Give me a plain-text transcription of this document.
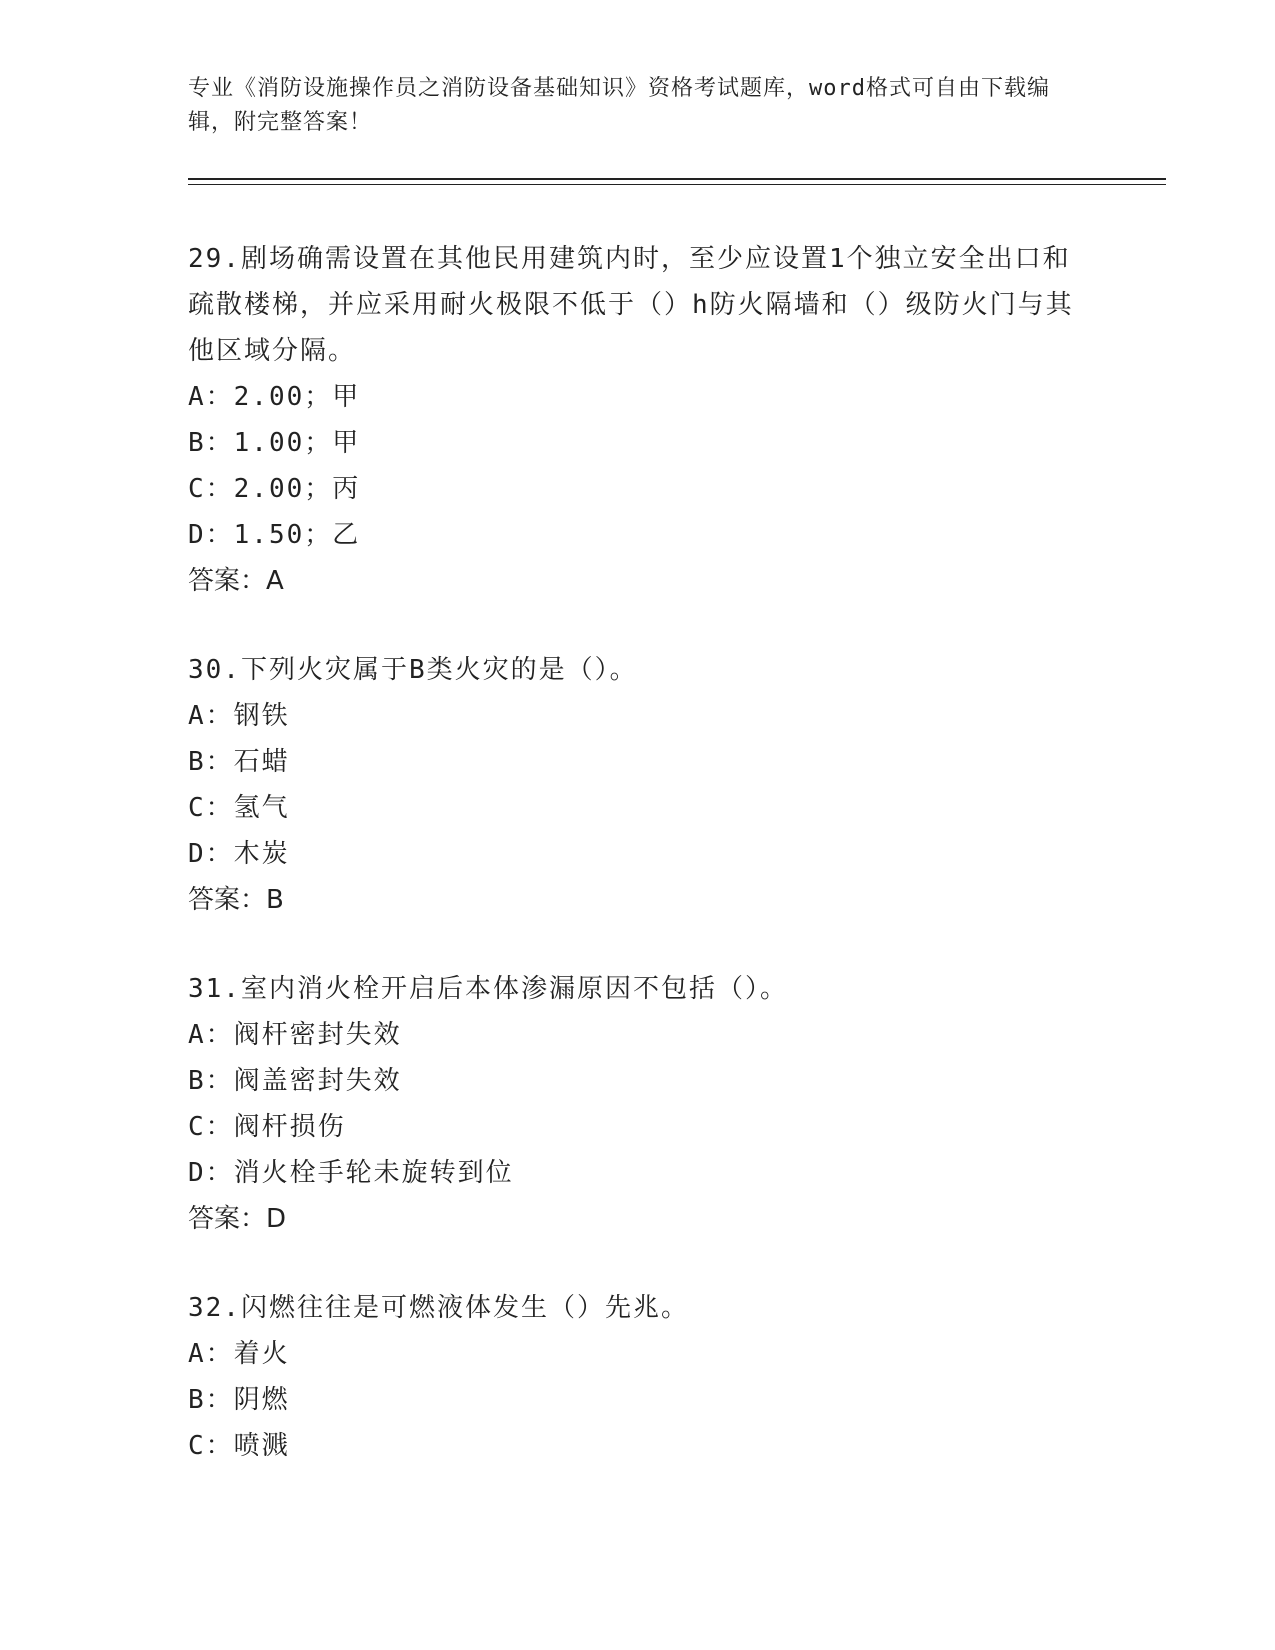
专业《消防设施操作员之消防设备基础知识》资格考试题库，word格式可自由下载编辑，附完整答案！

29.剧场确需设置在其他民用建筑内时，至少应设置1个独立安全出口和疏散楼梯，并应采用耐火极限不低于（）h防火隔墙和（）级防火门与其他区域分隔。

A：2.00；甲

B：1.00；甲

C：2.00；丙

D：1.50；乙

答案：A

30.下列火灾属于B类火灾的是（）。

A：钢铁

B：石蜡

C：氢气

D：木炭

答案：B

31.室内消火栓开启后本体渗漏原因不包括（）。

A：阀杆密封失效

B：阀盖密封失效

C：阀杆损伤

D：消火栓手轮未旋转到位

答案：D

32.闪燃往往是可燃液体发生（）先兆。

A：着火

B：阴燃

C：喷溅
